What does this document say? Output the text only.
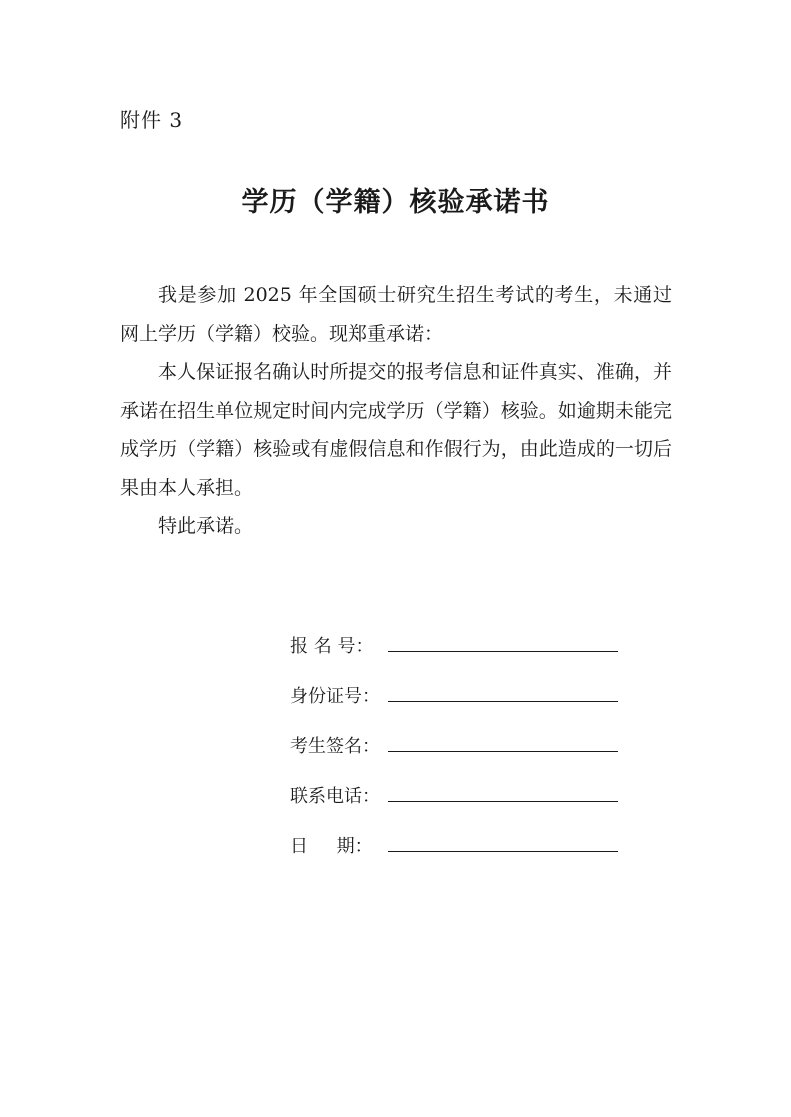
附件 3
学历（学籍）核验承诺书

我是参加 2025 年全国硕士研究生招生考试的考生，未通过网上学历（学籍）校验。现郑重承诺：

本人保证报名确认时所提交的报考信息和证件真实、准确，并承诺在招生单位规定时间内完成学历（学籍）核验。如逾期未能完成学历（学籍）核验或有虚假信息和作假行为，由此造成的一切后果由本人承担。

特此承诺。

报 名 号：
身份证号：
考生签名：
联系电话：
日     期：
